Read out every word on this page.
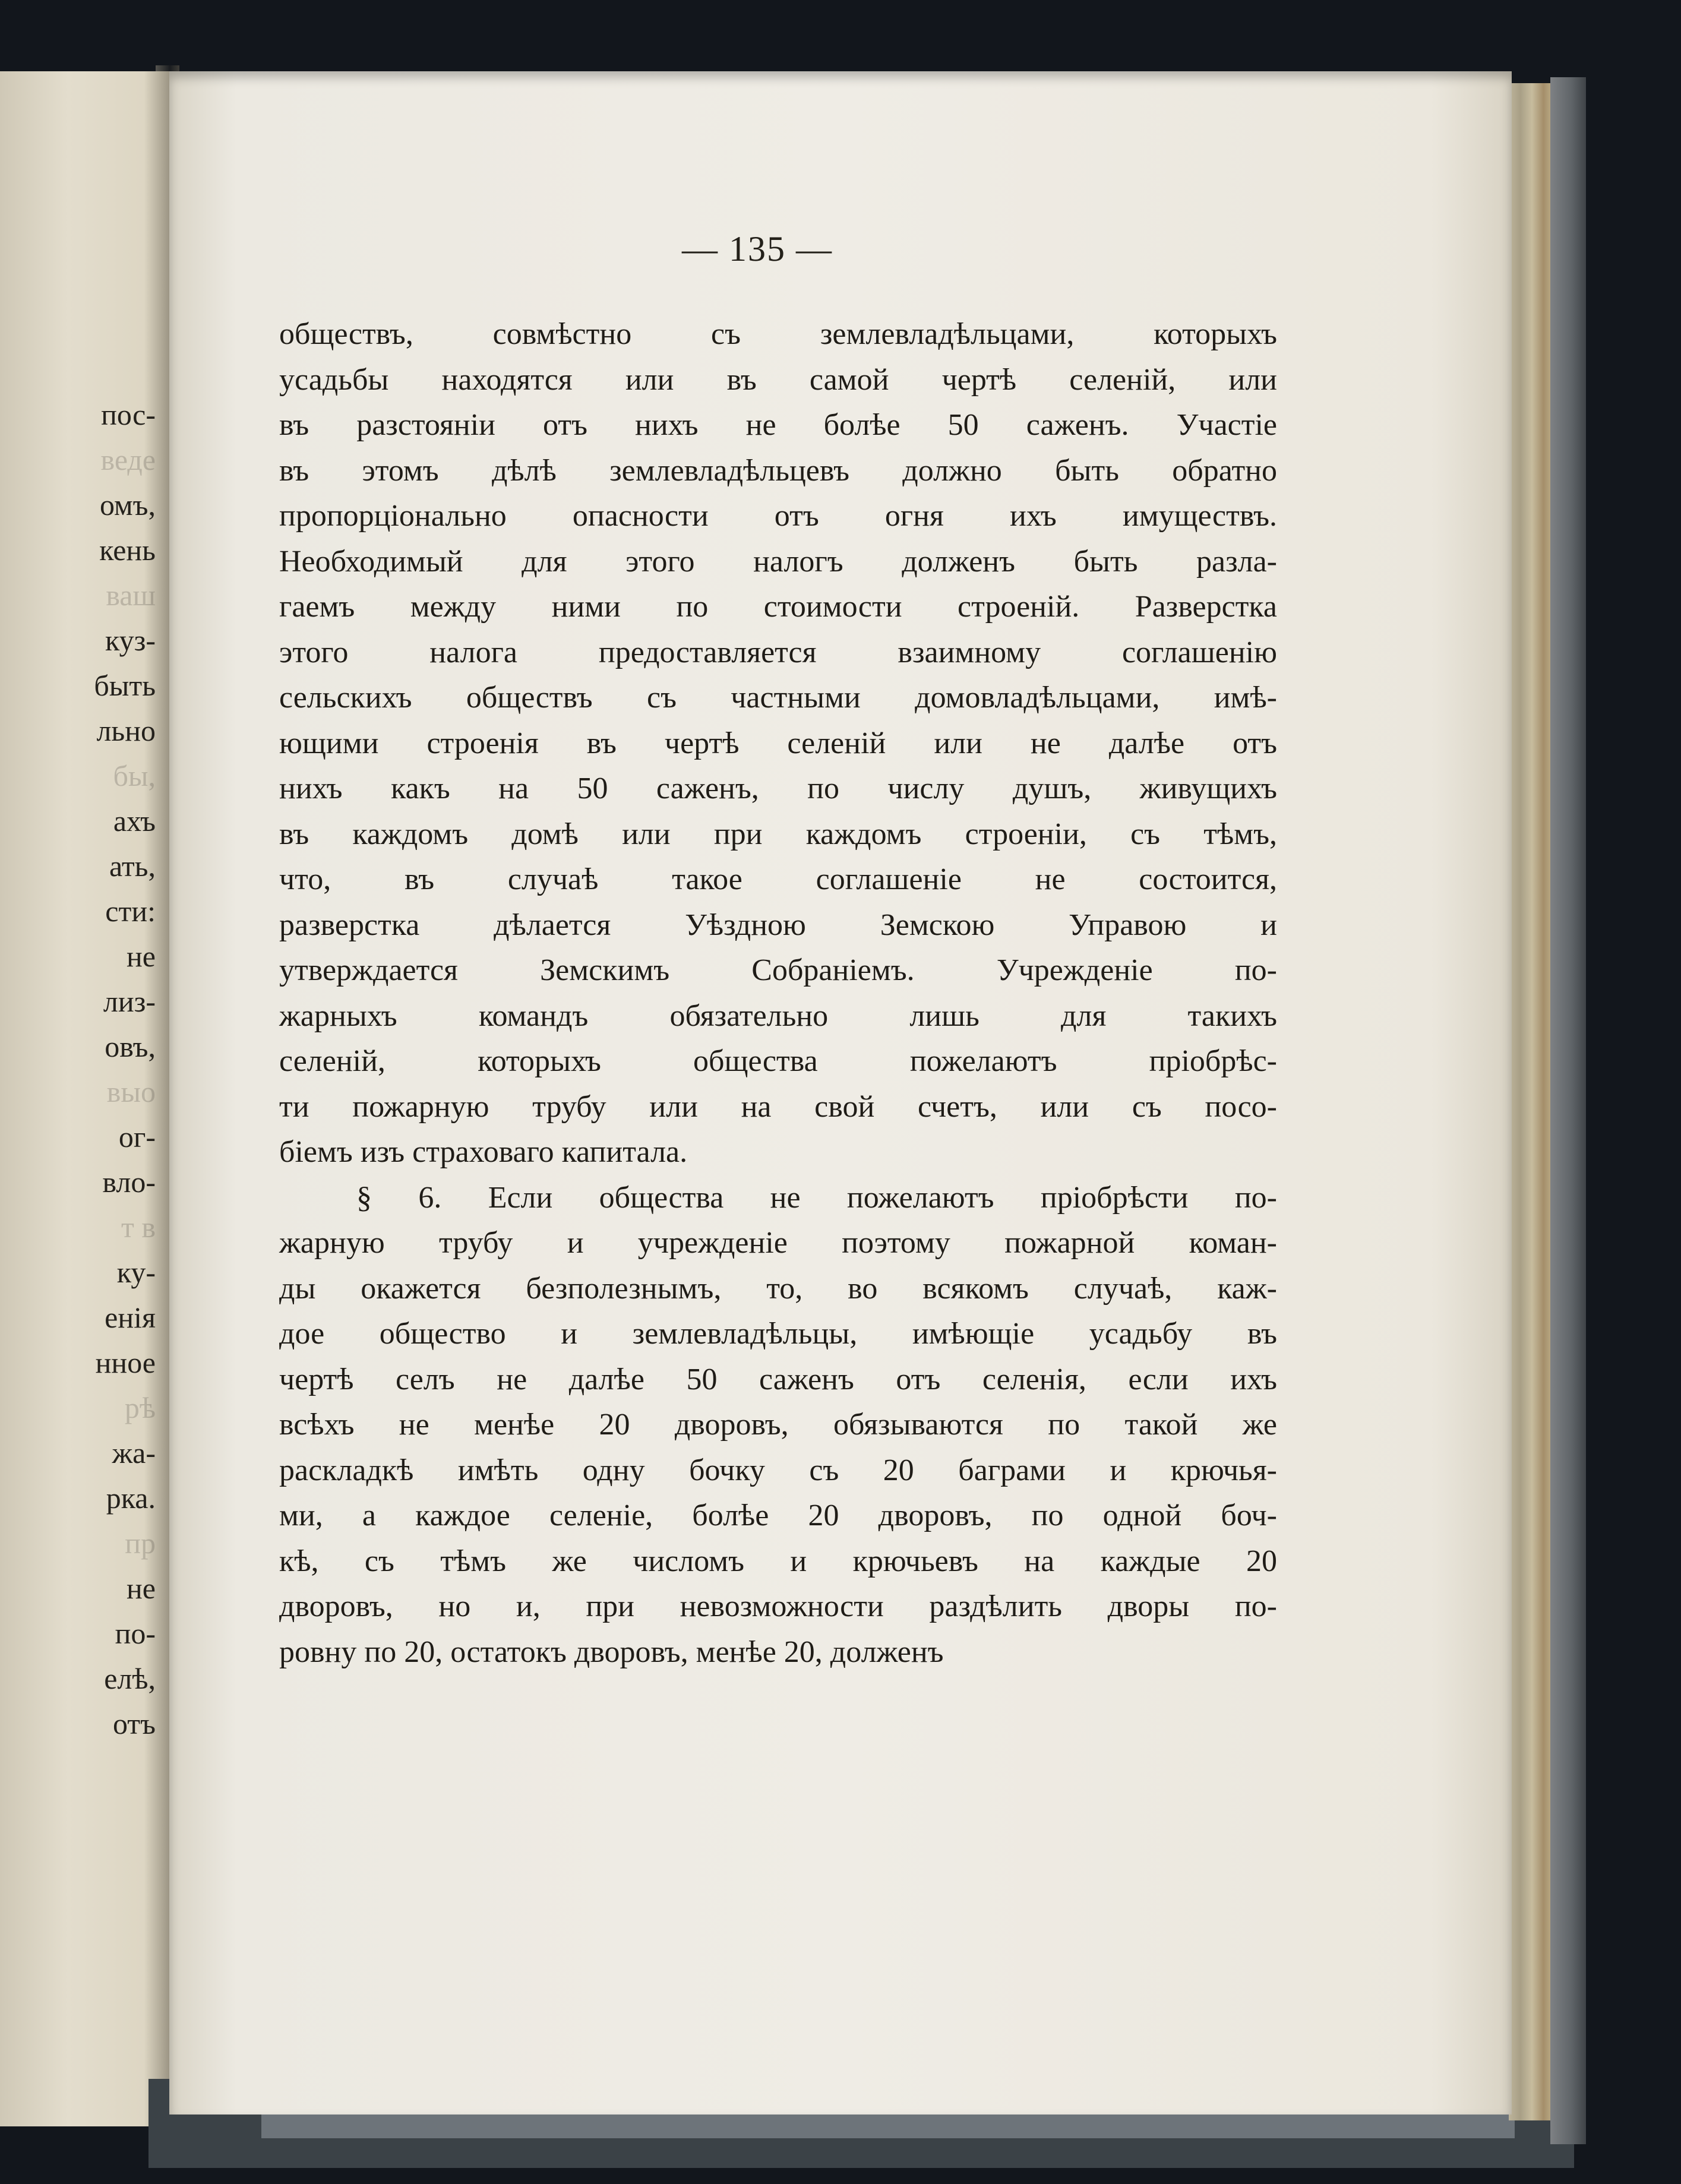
пос-
веде
омъ,
кень
ваш
куз-
быть
льно
бы,
ахъ
ать,
сти:
не
лиз-
овъ,
выо
ог-
вло-
т в
ку-
енія
нное
рѣ
жа-
рка.
пр
не
по-
елѣ,
отъ
— 135 —
обществъ, совмѣстно съ землевладѣльцами, которыхъ
усадьбы находятся или въ самой чертѣ селеній, или
въ разстояніи отъ нихъ не болѣе 50 саженъ. Участіе
въ этомъ дѣлѣ землевладѣльцевъ должно быть обратно
пропорціонально опасности отъ огня ихъ имуществъ.
Необходимый для этого налогъ долженъ быть разла-
гаемъ между ними по стоимости строеній. Разверстка
этого налога предоставляется взаимному соглашенію
сельскихъ обществъ съ частными домовладѣльцами, имѣ-
ющими строенія въ чертѣ селеній или не далѣе отъ
нихъ какъ на 50 саженъ, по числу душъ, живущихъ
въ каждомъ домѣ или при каждомъ строеніи, съ тѣмъ,
что, въ случаѣ такое соглашеніе не состоится,
разверстка дѣлается Уѣздною Земскою Управою и
утверждается Земскимъ Собраніемъ. Учрежденіе по-
жарныхъ командъ обязательно лишь для такихъ
селеній, которыхъ общества пожелаютъ пріобрѣс-
ти пожарную трубу или на свой счетъ, или съ посо-
біемъ изъ страховаго капитала.
§ 6. Если общества не пожелаютъ пріобрѣсти по-
жарную трубу и учрежденіе поэтому пожарной коман-
ды окажется безполезнымъ, то, во всякомъ случаѣ, каж-
дое общество и землевладѣльцы, имѣющіе усадьбу въ
чертѣ селъ не далѣе 50 саженъ отъ селенія, если ихъ
всѣхъ не менѣе 20 дворовъ, обязываются по такой же
раскладкѣ имѣть одну бочку съ 20 баграми и крючья-
ми, а каждое селеніе, болѣе 20 дворовъ, по одной боч-
кѣ, съ тѣмъ же числомъ и крючьевъ на каждые 20
дворовъ, но и, при невозможности раздѣлить дворы по-
ровну по 20, остатокъ дворовъ, менѣе 20, долженъ
